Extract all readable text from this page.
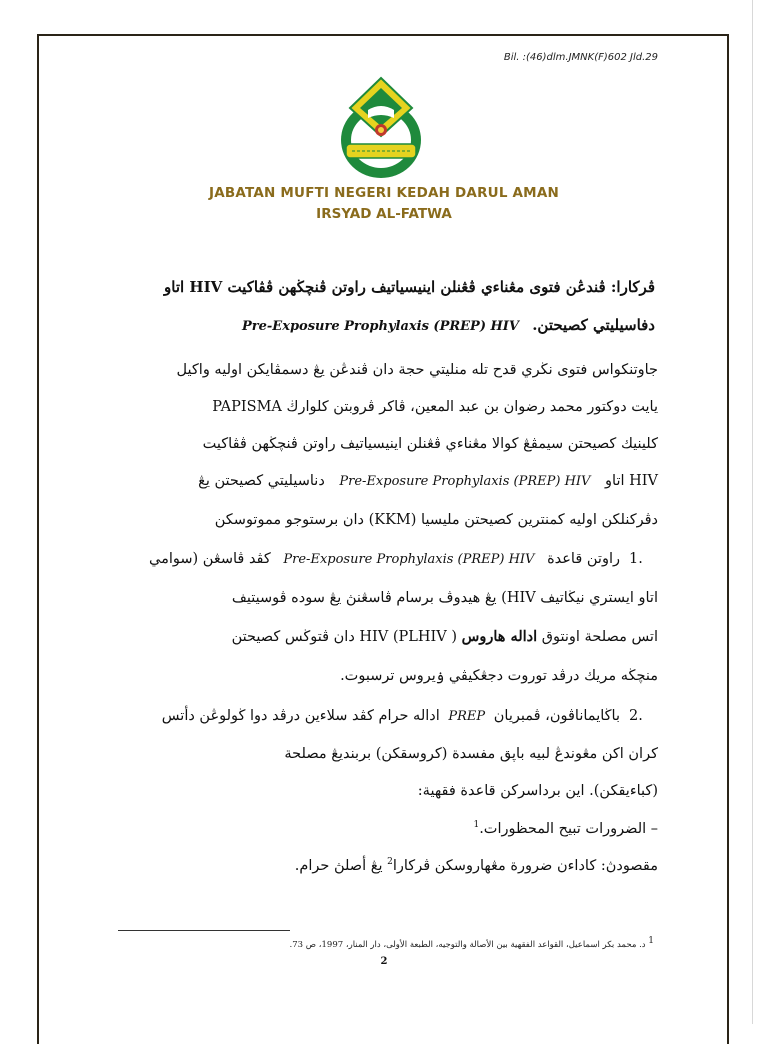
Bil. :(46)dlm.JMNK(F)602 Jld.29
JABATAN MUFTI NEGERI KEDAH DARUL AMAN
IRSYAD AL-FATWA
ڤركارا: ڤندڠن فتوى مڠناءي ڤڠنلن اينيسياتيف راوتن ڤنچڬهن ڤڤاکيت HIV اتاو
دفاسيليتي کصيحتن. Pre-Exposure Prophylaxis (PREP) HIV
جاوتنكواس فتوى نڬري قدح تله منليتي حجة دان ڤندڠن يڠ دسمڤايکن اوليه واکيل
PAPISMA يايت دوكتور محمد رضوان بن عبد المعين، ڤاكر ڤروبتن كلوارڬ
كلينيك كصيحتن سيمڤڠ كوالا مڠناءي ڤڠنلن اينيسياتيف راوتن ڤنچڬهن ڤڤاكيت
HIV اتاو Pre-Exposure Prophylaxis (PREP) HIV دناسيليتي كصيحتن يڠ
دڤركنلكن اوليه كمنترين كصيحتن مليسيا (KKM) دان برستوجو مموتوسكن
1.
راوتن قاعدة Pre-Exposure Prophylaxis (PREP) HIV كڤد ڤاسڠن (سوامي
اتاو ايستري نيڬاتيف HIV) يڠ هيدوڤ برسام ڤاسڠنڽ يڠ سوده ڤوسيتيف
اتس مصلحة اونتوق اداله هاروس HIV (PLHIV ) دان ڤتوڬس كصيحتن
منچڬه مريك درڤد توروت دجڠكيڤي ۏيروس ترسبوت.
2.
باڬايماناڤون، ڤمبريان PREP اداله حرام كڤد سلاءين درڤد دوا ڬولوڠن دأتس
كران اكن مڠوندڠ لبيه باڽق مفسدة (كروسقكن) بربنديڠ مصلحة
(كباءيقكن). اين برداسركن قاعدة فقهية:
– الضرورات تبيح المحظورات.$^1$
مقصودڽ: كاداءن ضرورة مڠهاروسكن ڤركارا$^2$ يڠ أصلڽ حرام.
$^1$ د. محمد بكر اسماعيل، القواعد الفقهية بين الأصالة والتوجيه، الطبعة الأولى، دار المنار، 1997، ص 73.
2
